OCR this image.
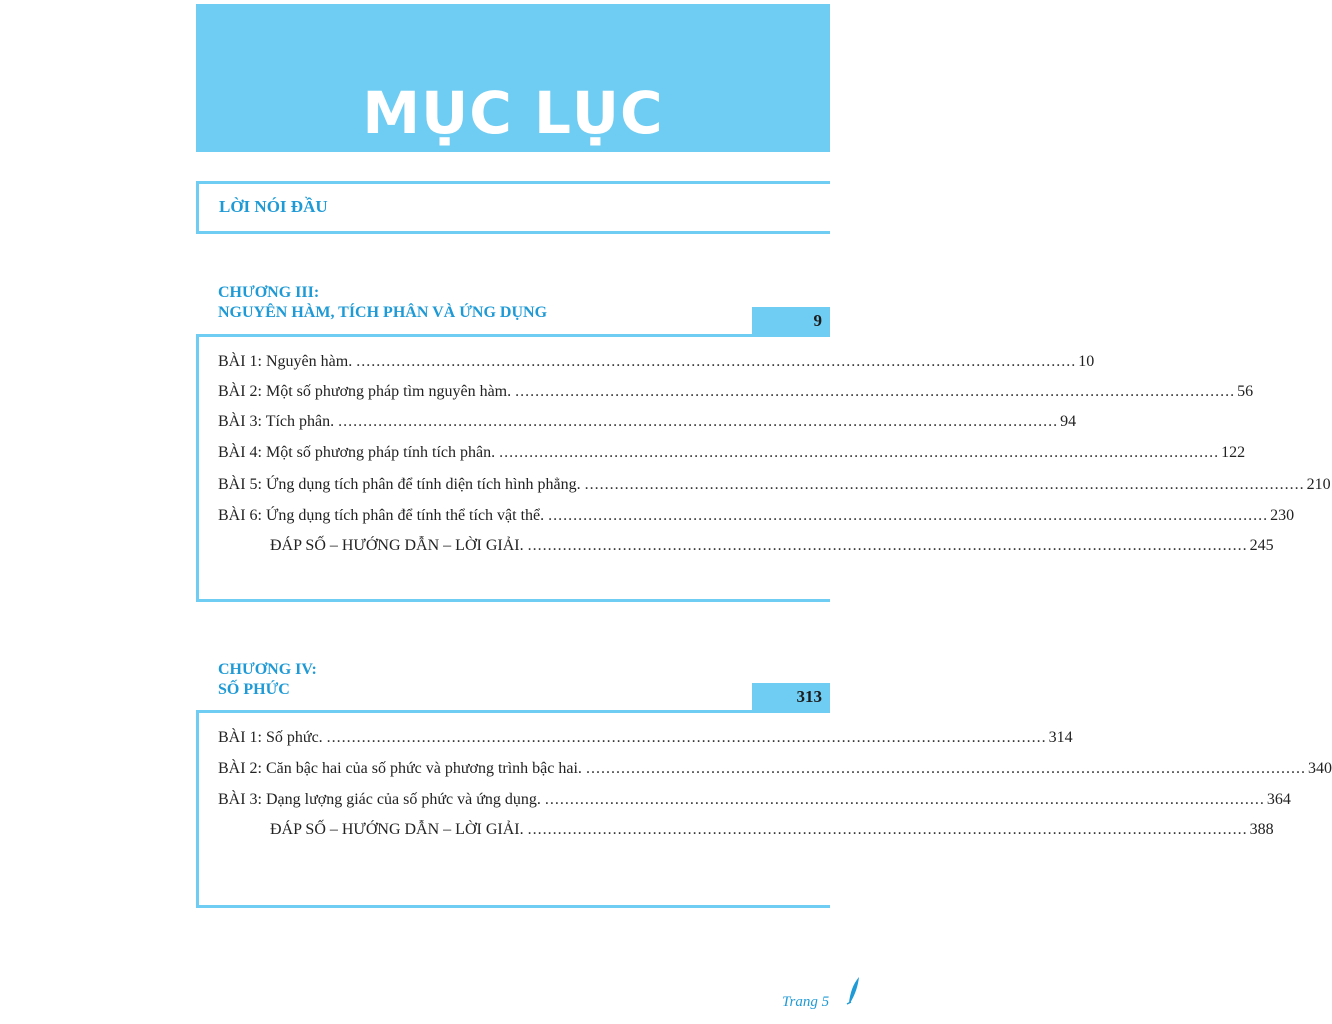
MỤC LỤC
LỜI NÓI ĐẦU
CHƯƠNG III:
NGUYÊN HÀM, TÍCH PHÂN VÀ ỨNG DỤNG	9
BÀI 1: Nguyên hàm. ................................................................................................................................................ 10
BÀI 2: Một số phương pháp tìm nguyên hàm. ................................................................................................................................................ 56
BÀI 3: Tích phân. ................................................................................................................................................ 94
BÀI 4: Một số phương pháp tính tích phân. ................................................................................................................................................ 122
BÀI 5: Ứng dụng tích phân để tính diện tích hình phẳng. ................................................................................................................................................ 210
BÀI 6: Ứng dụng tích phân để tính thể tích vật thể. ................................................................................................................................................ 230
ĐÁP SỐ – HƯỚNG DẪN – LỜI GIẢI. ................................................................................................................................................ 245
CHƯƠNG IV:
SỐ PHỨC	313
BÀI 1: Số phức. ................................................................................................................................................ 314
BÀI 2: Căn bậc hai của số phức và phương trình bậc hai. ................................................................................................................................................ 340
BÀI 3: Dạng lượng giác của số phức và ứng dụng. ................................................................................................................................................ 364
ĐÁP SỐ – HƯỚNG DẪN – LỜI GIẢI. ................................................................................................................................................ 388
Trang 5
